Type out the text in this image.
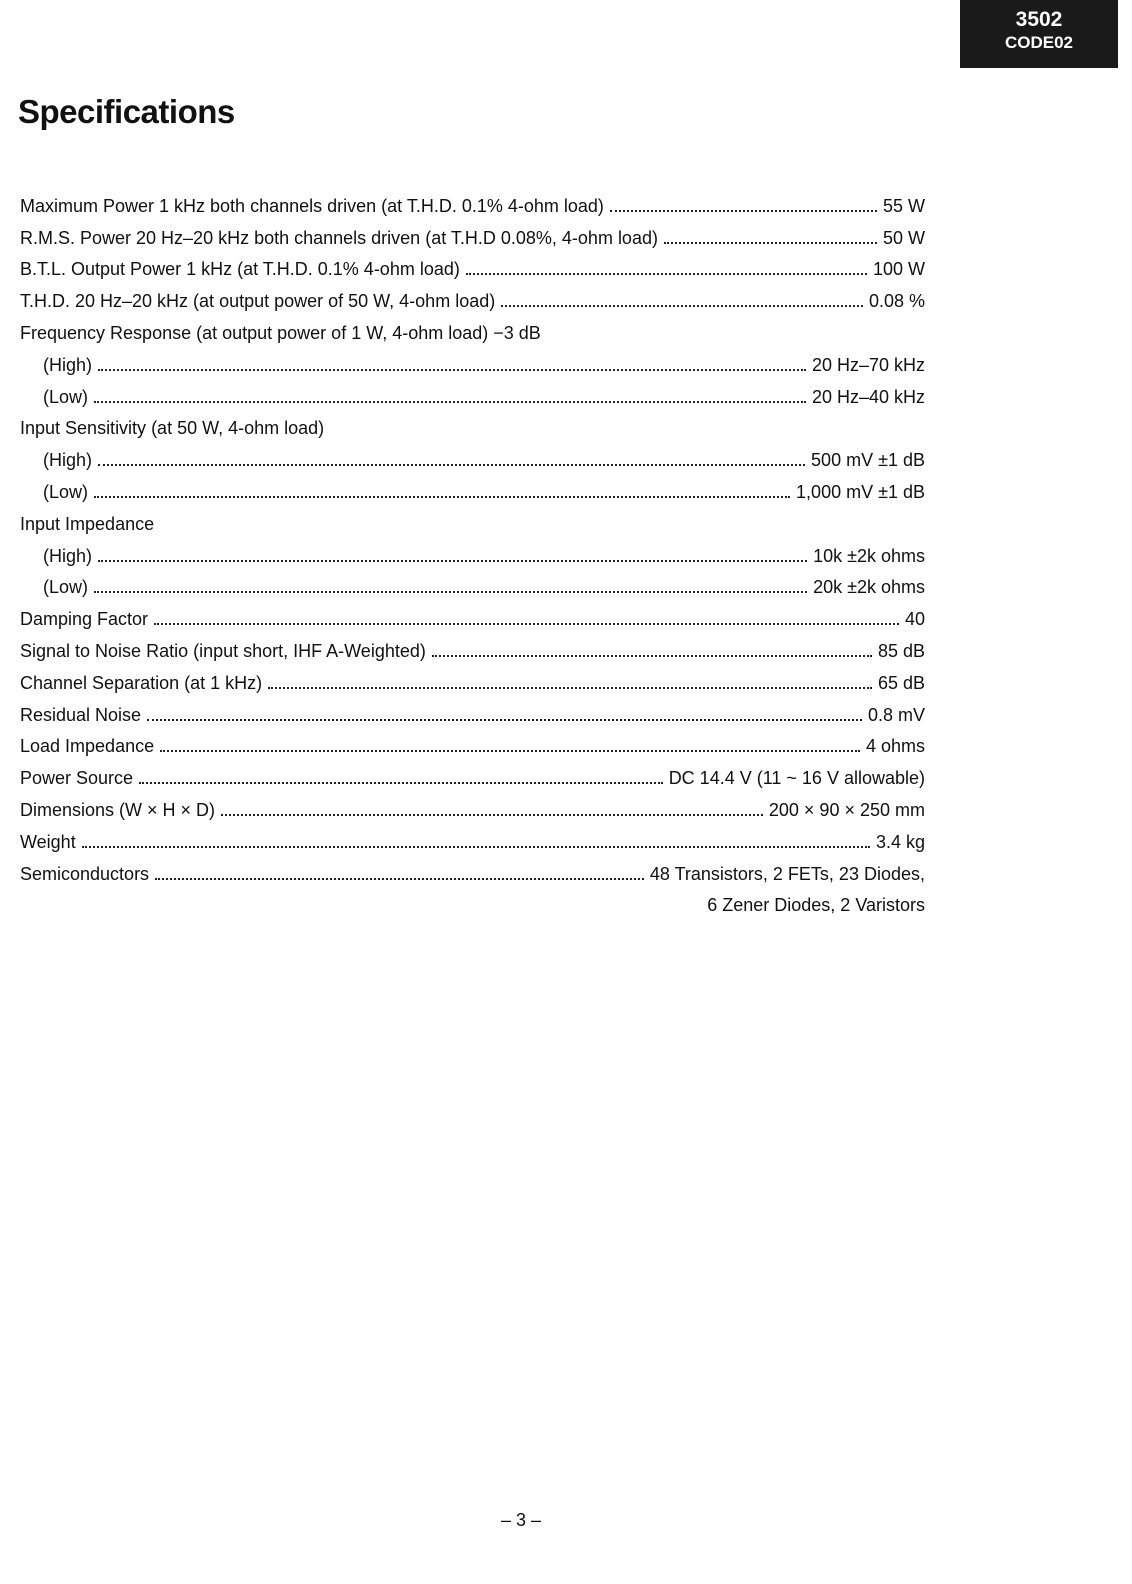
3502
CODE02
Specifications
Maximum Power 1 kHz both channels driven (at T.H.D. 0.1% 4-ohm load)	55 W
R.M.S. Power 20 Hz–20 kHz both channels driven (at T.H.D 0.08%, 4-ohm load)	50 W
B.T.L. Output Power 1 kHz (at T.H.D. 0.1% 4-ohm load)	100 W
T.H.D. 20 Hz–20 kHz (at output power of 50 W, 4-ohm load)	0.08 %
Frequency Response (at output power of 1 W, 4-ohm load) −3 dB
(High)	20 Hz–70 kHz
(Low)	20 Hz–40 kHz
Input Sensitivity (at 50 W, 4-ohm load)
(High)	500 mV ±1 dB
(Low)	1,000 mV ±1 dB
Input Impedance
(High)	10k ±2k ohms
(Low)	20k ±2k ohms
Damping Factor	40
Signal to Noise Ratio (input short, IHF A-Weighted)	85 dB
Channel Separation (at 1 kHz)	65 dB
Residual Noise	0.8 mV
Load Impedance	4 ohms
Power Source	DC 14.4 V (11 ~ 16 V allowable)
Dimensions (W × H × D)	200 × 90 × 250 mm
Weight	3.4 kg
Semiconductors	48 Transistors, 2 FETs, 23 Diodes,
6 Zener Diodes, 2 Varistors
– 3 –
